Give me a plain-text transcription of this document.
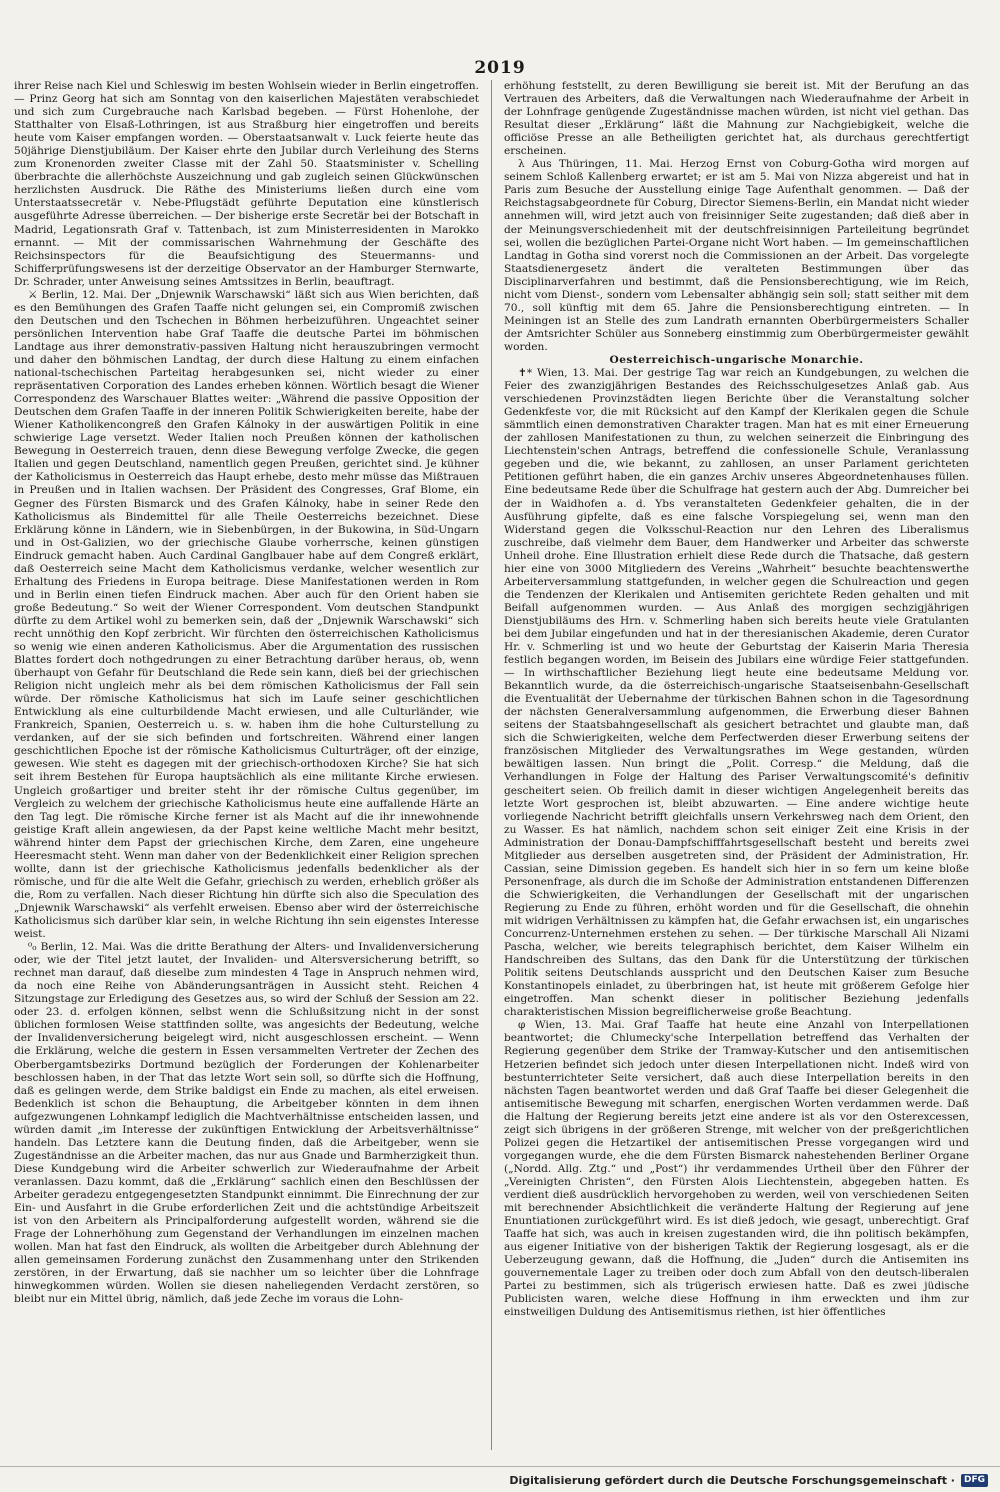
2019

ihrer Reise nach Kiel und Schleswig im besten Wohlsein wieder in Berlin eingetroffen. — Prinz Georg hat sich am Sonntag von den kaiserlichen Majestäten verabschiedet und sich zum Curgebrauche nach Karlsbad begeben. — Fürst Hohenlohe, der Statthalter von Elsaß-Lothringen, ist aus Straßburg hier eingetroffen und bereits heute vom Kaiser empfangen worden. — Oberstaatsanwalt v. Luck feierte heute das 50jährige Dienstjubiläum. Der Kaiser ehrte den Jubilar durch Verleihung des Sterns zum Kronenorden zweiter Classe mit der Zahl 50. Staatsminister v. Schelling überbrachte die allerhöchste Auszeichnung und gab zugleich seinen Glückwünschen herzlichsten Ausdruck. Die Räthe des Ministeriums ließen durch eine vom Unterstaatssecretär v. Nebe-Pflugstädt geführte Deputation eine künstlerisch ausgeführte Adresse überreichen. — Der bisherige erste Secretär bei der Botschaft in Madrid, Legationsrath Graf v. Tattenbach, ist zum Ministerresidenten in Marokko ernannt. — Mit der commissarischen Wahrnehmung der Geschäfte des Reichsinspectors für die Beaufsichtigung des Steuermanns- und Schifferprüfungswesens ist der derzeitige Observator an der Hamburger Sternwarte, Dr. Schrader, unter Anweisung seines Amtssitzes in Berlin, beauftragt.

⚔ Berlin, 12. Mai. Der „Dnjewnik Warschawski“ läßt sich aus Wien berichten, daß es den Bemühungen des Grafen Taaffe nicht gelungen sei, ein Compromiß zwischen den Deutschen und den Tschechen in Böhmen herbeizuführen. Ungeachtet seiner persönlichen Intervention habe Graf Taaffe die deutsche Partei im böhmischen Landtage aus ihrer demonstrativ-passiven Haltung nicht herauszubringen vermocht und daher den böhmischen Landtag, der durch diese Haltung zu einem einfachen national-tschechischen Parteitag herabgesunken sei, nicht wieder zu einer repräsentativen Corporation des Landes erheben können. Wörtlich besagt die Wiener Correspondenz des Warschauer Blattes weiter: „Während die passive Opposition der Deutschen dem Grafen Taaffe in der inneren Politik Schwierigkeiten bereite, habe der Wiener Katholikencongreß den Grafen Kálnoky in der auswärtigen Politik in eine schwierige Lage versetzt. Weder Italien noch Preußen können der katholischen Bewegung in Oesterreich trauen, denn diese Bewegung verfolge Zwecke, die gegen Italien und gegen Deutschland, namentlich gegen Preußen, gerichtet sind. Je kühner der Katholicismus in Oesterreich das Haupt erhebe, desto mehr müsse das Mißtrauen in Preußen und in Italien wachsen. Der Präsident des Congresses, Graf Blome, ein Gegner des Fürsten Bismarck und des Grafen Kálnoky, habe in seiner Rede den Katholicismus als Bindemittel für alle Theile Oesterreichs bezeichnet. Diese Erklärung könne in Ländern, wie in Siebenbürgen, in der Bukowina, in Süd-Ungarn und in Ost-Galizien, wo der griechische Glaube vorherrsche, keinen günstigen Eindruck gemacht haben. Auch Cardinal Ganglbauer habe auf dem Congreß erklärt, daß Oesterreich seine Macht dem Katholicismus verdanke, welcher wesentlich zur Erhaltung des Friedens in Europa beitrage. Diese Manifestationen werden in Rom und in Berlin einen tiefen Eindruck machen. Aber auch für den Orient haben sie große Bedeutung.“ So weit der Wiener Correspondent. Vom deutschen Standpunkt dürfte zu dem Artikel wohl zu bemerken sein, daß der „Dnjewnik Warschawski“ sich recht unnöthig den Kopf zerbricht. Wir fürchten den österreichischen Katholicismus so wenig wie einen anderen Katholicismus. Aber die Argumentation des russischen Blattes fordert doch nothgedrungen zu einer Betrachtung darüber heraus, ob, wenn überhaupt von Gefahr für Deutschland die Rede sein kann, dieß bei der griechischen Religion nicht ungleich mehr als bei dem römischen Katholicismus der Fall sein würde. Der römische Katholicismus hat sich im Laufe seiner geschichtlichen Entwicklung als eine culturbildende Macht erwiesen, und alle Culturländer, wie Frankreich, Spanien, Oesterreich u. s. w. haben ihm die hohe Culturstellung zu verdanken, auf der sie sich befinden und fortschreiten. Während einer langen geschichtlichen Epoche ist der römische Katholicismus Culturträger, oft der einzige, gewesen. Wie steht es dagegen mit der griechisch-orthodoxen Kirche? Sie hat sich seit ihrem Bestehen für Europa hauptsächlich als eine militante Kirche erwiesen. Ungleich großartiger und breiter steht ihr der römische Cultus gegenüber, im Vergleich zu welchem der griechische Katholicismus heute eine auffallende Härte an den Tag legt. Die römische Kirche ferner ist als Macht auf die ihr innewohnende geistige Kraft allein angewiesen, da der Papst keine weltliche Macht mehr besitzt, während hinter dem Papst der griechischen Kirche, dem Zaren, eine ungeheure Heeresmacht steht. Wenn man daher von der Bedenklichkeit einer Religion sprechen wollte, dann ist der griechische Katholicismus jedenfalls bedenklicher als der römische, und für die alte Welt die Gefahr, griechisch zu werden, erheblich größer als die, Rom zu verfallen. Nach dieser Richtung hin dürfte sich also die Speculation des „Dnjewnik Warschawski“ als verfehlt erweisen. Ebenso aber wird der österreichische Katholicismus sich darüber klar sein, in welche Richtung ihn sein eigenstes Interesse weist.

⁰₀ Berlin, 12. Mai. Was die dritte Berathung der Alters- und Invalidenversicherung oder, wie der Titel jetzt lautet, der Invaliden- und Altersversicherung betrifft, so rechnet man darauf, daß dieselbe zum mindesten 4 Tage in Anspruch nehmen wird, da noch eine Reihe von Abänderungsanträgen in Aussicht steht. Reichen 4 Sitzungstage zur Erledigung des Gesetzes aus, so wird der Schluß der Session am 22. oder 23. d. erfolgen können, selbst wenn die Schlußsitzung nicht in der sonst üblichen formlosen Weise stattfinden sollte, was angesichts der Bedeutung, welche der Invalidenversicherung beigelegt wird, nicht ausgeschlossen erscheint. — Wenn die Erklärung, welche die gestern in Essen versammelten Vertreter der Zechen des Oberbergamtsbezirks Dortmund bezüglich der Forderungen der Kohlenarbeiter beschlossen haben, in der That das letzte Wort sein soll, so dürfte sich die Hoffnung, daß es gelingen werde, dem Strike baldigst ein Ende zu machen, als eitel erweisen. Bedenklich ist schon die Behauptung, die Arbeitgeber könnten in dem ihnen aufgezwungenen Lohnkampf lediglich die Machtverhältnisse entscheiden lassen, und würden damit „im Interesse der zukünftigen Entwicklung der Arbeitsverhältnisse“ handeln. Das Letztere kann die Deutung finden, daß die Arbeitgeber, wenn sie Zugeständnisse an die Arbeiter machen, das nur aus Gnade und Barmherzigkeit thun. Diese Kundgebung wird die Arbeiter schwerlich zur Wiederaufnahme der Arbeit veranlassen. Dazu kommt, daß die „Erklärung“ sachlich einen den Beschlüssen der Arbeiter geradezu entgegengesetzten Standpunkt einnimmt. Die Einrechnung der zur Ein- und Ausfahrt in die Grube erforderlichen Zeit und die achtstündige Arbeitszeit ist von den Arbeitern als Principalforderung aufgestellt worden, während sie die Frage der Lohnerhöhung zum Gegenstand der Verhandlungen im einzelnen machen wollen. Man hat fast den Eindruck, als wollten die Arbeitgeber durch Ablehnung der allen gemeinsamen Forderung zunächst den Zusammenhang unter den Strikenden zerstören, in der Erwartung, daß sie nachher um so leichter über die Lohnfrage hinwegkommen würden. Wollen sie diesen naheliegenden Verdacht zerstören, so bleibt nur ein Mittel übrig, nämlich, daß jede Zeche im voraus die Lohn-

erhöhung feststellt, zu deren Bewilligung sie bereit ist. Mit der Berufung an das Vertrauen des Arbeiters, daß die Verwaltungen nach Wiederaufnahme der Arbeit in der Lohnfrage genügende Zugeständnisse machen würden, ist nicht viel gethan. Das Resultat dieser „Erklärung“ läßt die Mahnung zur Nachgiebigkeit, welche die officiöse Presse an alle Betheiligten gerichtet hat, als durchaus gerechtfertigt erscheinen.

λ Aus Thüringen, 11. Mai. Herzog Ernst von Coburg-Gotha wird morgen auf seinem Schloß Kallenberg erwartet; er ist am 5. Mai von Nizza abgereist und hat in Paris zum Besuche der Ausstellung einige Tage Aufenthalt genommen. — Daß der Reichstagsabgeordnete für Coburg, Director Siemens-Berlin, ein Mandat nicht wieder annehmen will, wird jetzt auch von freisinniger Seite zugestanden; daß dieß aber in der Meinungsverschiedenheit mit der deutschfreisinnigen Parteileitung begründet sei, wollen die bezüglichen Partei-Organe nicht Wort haben. — Im gemeinschaftlichen Landtag in Gotha sind vorerst noch die Commissionen an der Arbeit. Das vorgelegte Staatsdienergesetz ändert die veralteten Bestimmungen über das Disciplinarverfahren und bestimmt, daß die Pensionsberechtigung, wie im Reich, nicht vom Dienst-, sondern vom Lebensalter abhängig sein soll; statt seither mit dem 70., soll künftig mit dem 65. Jahre die Pensionsberechtigung eintreten. — In Meiningen ist an Stelle des zum Landrath ernannten Oberbürgermeisters Schaller der Amtsrichter Schüler aus Sonneberg einstimmig zum Oberbürgermeister gewählt worden.

Oesterreichisch-ungarische Monarchie.

✝* Wien, 13. Mai. Der gestrige Tag war reich an Kundgebungen, zu welchen die Feier des zwanzigjährigen Bestandes des Reichsschulgesetzes Anlaß gab. Aus verschiedenen Provinzstädten liegen Berichte über die Veranstaltung solcher Gedenkfeste vor, die mit Rücksicht auf den Kampf der Klerikalen gegen die Schule sämmtlich einen demonstrativen Charakter tragen. Man hat es mit einer Erneuerung der zahllosen Manifestationen zu thun, zu welchen seinerzeit die Einbringung des Liechtenstein'schen Antrags, betreffend die confessionelle Schule, Veranlassung gegeben und die, wie bekannt, zu zahllosen, an unser Parlament gerichteten Petitionen geführt haben, die ein ganzes Archiv unseres Abgeordnetenhauses füllen. Eine bedeutsame Rede über die Schulfrage hat gestern auch der Abg. Dumreicher bei der in Waidhofen a. d. Ybs veranstalteten Gedenkfeier gehalten, die in der Ausführung gipfelte, daß es eine falsche Vorspiegelung sei, wenn man den Widerstand gegen die Volksschul-Reaction nur den Lehren des Liberalismus zuschreibe, daß vielmehr dem Bauer, dem Handwerker und Arbeiter das schwerste Unheil drohe. Eine Illustration erhielt diese Rede durch die Thatsache, daß gestern hier eine von 3000 Mitgliedern des Vereins „Wahrheit“ besuchte beachtenswerthe Arbeiterversammlung stattgefunden, in welcher gegen die Schulreaction und gegen die Tendenzen der Klerikalen und Antisemiten gerichtete Reden gehalten und mit Beifall aufgenommen wurden. — Aus Anlaß des morgigen sechzigjährigen Dienstjubiläums des Hrn. v. Schmerling haben sich bereits heute viele Gratulanten bei dem Jubilar eingefunden und hat in der theresianischen Akademie, deren Curator Hr. v. Schmerling ist und wo heute der Geburtstag der Kaiserin Maria Theresia festlich begangen worden, im Beisein des Jubilars eine würdige Feier stattgefunden. — In wirthschaftlicher Beziehung liegt heute eine bedeutsame Meldung vor. Bekanntlich wurde, da die österreichisch-ungarische Staatseisenbahn-Gesellschaft die Eventualität der Uebernahme der türkischen Bahnen schon in die Tagesordnung der nächsten Generalversammlung aufgenommen, die Erwerbung dieser Bahnen seitens der Staatsbahngesellschaft als gesichert betrachtet und glaubte man, daß sich die Schwierigkeiten, welche dem Perfectwerden dieser Erwerbung seitens der französischen Mitglieder des Verwaltungsrathes im Wege gestanden, würden bewältigen lassen. Nun bringt die „Polit. Corresp.“ die Meldung, daß die Verhandlungen in Folge der Haltung des Pariser Verwaltungscomité's definitiv gescheitert seien. Ob freilich damit in dieser wichtigen Angelegenheit bereits das letzte Wort gesprochen ist, bleibt abzuwarten. — Eine andere wichtige heute vorliegende Nachricht betrifft gleichfalls unsern Verkehrsweg nach dem Orient, den zu Wasser. Es hat nämlich, nachdem schon seit einiger Zeit eine Krisis in der Administration der Donau-Dampfschifffahrtsgesellschaft besteht und bereits zwei Mitglieder aus derselben ausgetreten sind, der Präsident der Administration, Hr. Cassian, seine Dimission gegeben. Es handelt sich hier in so fern um keine bloße Personenfrage, als durch die im Schoße der Administration entstandenen Differenzen die Schwierigkeiten, die Verhandlungen der Gesellschaft mit der ungarischen Regierung zu Ende zu führen, erhöht worden und für die Gesellschaft, die ohnehin mit widrigen Verhältnissen zu kämpfen hat, die Gefahr erwachsen ist, ein ungarisches Concurrenz-Unternehmen erstehen zu sehen. — Der türkische Marschall Ali Nizami Pascha, welcher, wie bereits telegraphisch berichtet, dem Kaiser Wilhelm ein Handschreiben des Sultans, das den Dank für die Unterstützung der türkischen Politik seitens Deutschlands ausspricht und den Deutschen Kaiser zum Besuche Konstantinopels einladet, zu überbringen hat, ist heute mit größerem Gefolge hier eingetroffen. Man schenkt dieser in politischer Beziehung jedenfalls charakteristischen Mission begreiflicherweise große Beachtung.

φ Wien, 13. Mai. Graf Taaffe hat heute eine Anzahl von Interpellationen beantwortet; die Chlumecky'sche Interpellation betreffend das Verhalten der Regierung gegenüber dem Strike der Tramway-Kutscher und den antisemitischen Hetzerien befindet sich jedoch unter diesen Interpellationen nicht. Indeß wird von bestunterrichteter Seite versichert, daß auch diese Interpellation bereits in den nächsten Tagen beantwortet werden und daß Graf Taaffe bei dieser Gelegenheit die antisemitische Bewegung mit scharfen, energischen Worten verdammen werde. Daß die Haltung der Regierung bereits jetzt eine andere ist als vor den Osterexcessen, zeigt sich übrigens in der größeren Strenge, mit welcher von der preßgerichtlichen Polizei gegen die Hetzartikel der antisemitischen Presse vorgegangen wird und vorgegangen wurde, ehe die dem Fürsten Bismarck nahestehenden Berliner Organe („Nordd. Allg. Ztg.“ und „Post“) ihr verdammendes Urtheil über den Führer der „Vereinigten Christen“, den Fürsten Alois Liechtenstein, abgegeben hatten. Es verdient dieß ausdrücklich hervorgehoben zu werden, weil von verschiedenen Seiten mit berechnender Absichtlichkeit die veränderte Haltung der Regierung auf jene Enuntiationen zurückgeführt wird. Es ist dieß jedoch, wie gesagt, unberechtigt. Graf Taaffe hat sich, was auch in kreisen zugestanden wird, die ihn politisch bekämpfen, aus eigener Initiative von der bisherigen Taktik der Regierung losgesagt, als er die Ueberzeugung gewann, daß die Hoffnung, die „Juden“ durch die Antisemiten ins gouvernementale Lager zu treiben oder doch zum Abfall von den deutsch-liberalen Partei zu bestimmen, sich als trügerisch erwiesen hatte. Daß es zwei jüdische Publicisten waren, welche diese Hoffnung in ihm erweckten und ihm zur einstweiligen Duldung des Antisemitismus riethen, ist hier öffentliches

Digitalisierung gefördert durch die Deutsche Forschungsgemeinschaft ·	DFG
